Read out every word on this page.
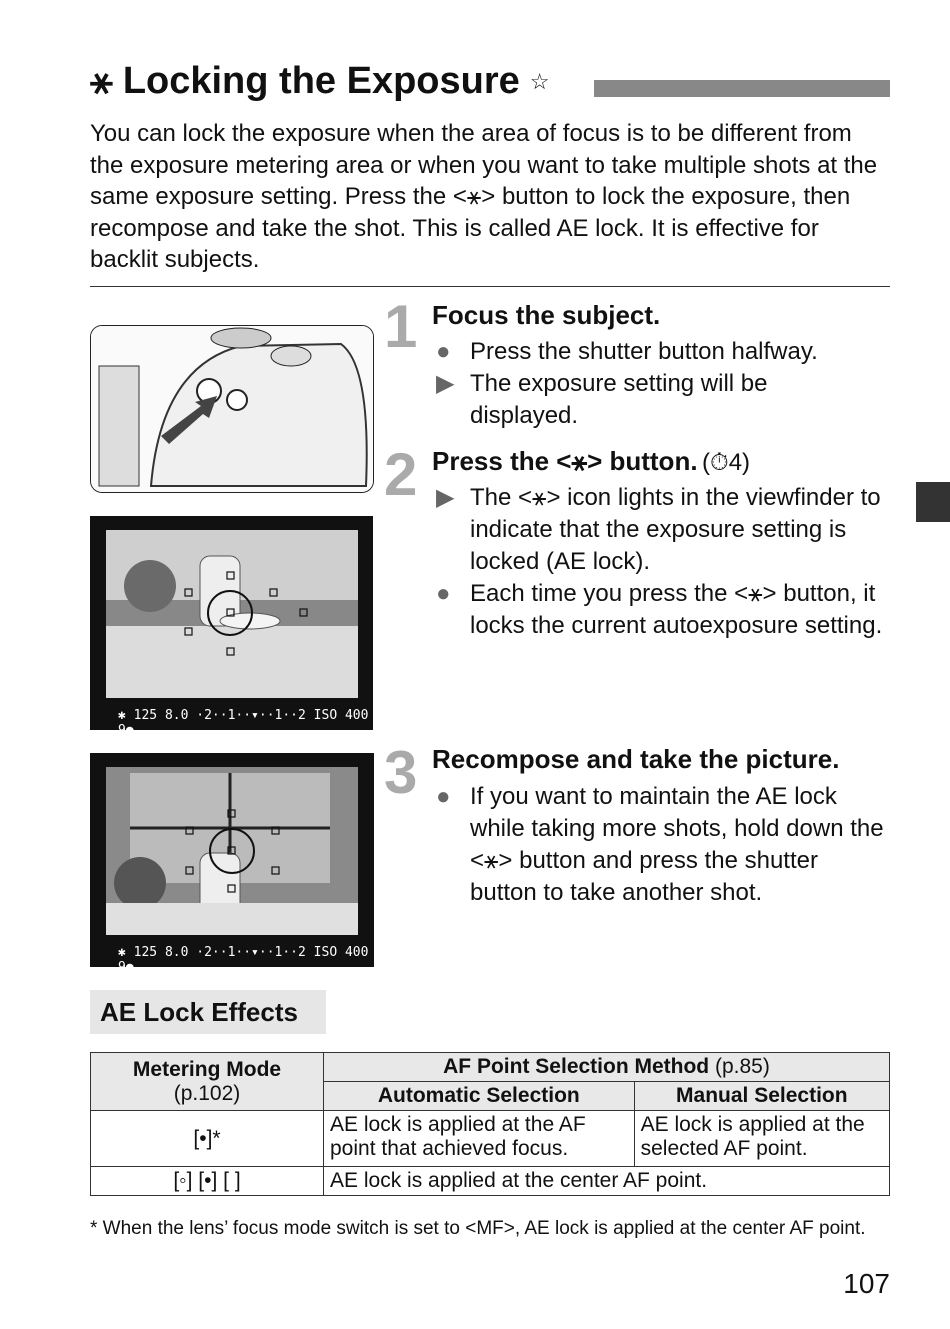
⚹ Locking the Exposure ☆
You can lock the exposure when the area of focus is to be different from the exposure metering area or when you want to take multiple shots at the same exposure setting. Press the <⚹> button to lock the exposure, then recompose and take the shot. This is called AE lock. It is effective for backlit subjects.
✱ 125 8.0 ·2··1··▾··1··2 ISO 400 9●
✱ 125 8.0 ·2··1··▾··1··2 ISO 400 9●
1 Focus the subject.
● Press the shutter button halfway.
▶ The exposure setting will be displayed.
2 Press the <⚹> button. (⏱4)
▶ The <⚹> icon lights in the viewfinder to indicate that the exposure setting is locked (AE lock).
● Each time you press the <⚹> button, it locks the current autoexposure setting.
3 Recompose and take the picture.
● If you want to maintain the AE lock while taking more shots, hold down the <⚹> button and press the shutter button to take another shot.
AE Lock Effects
Metering Mode
(p.102)	AF Point Selection Method (p.85)	
	Automatic Selection	Manual Selection
[•]*	AE lock is applied at the AF point that achieved focus.	AE lock is applied at the selected AF point.
[◦] [•] [ ]	AE lock is applied at the center AF point.	
* When the lens’ focus mode switch is set to <MF>, AE lock is applied at the center AF point.
107
